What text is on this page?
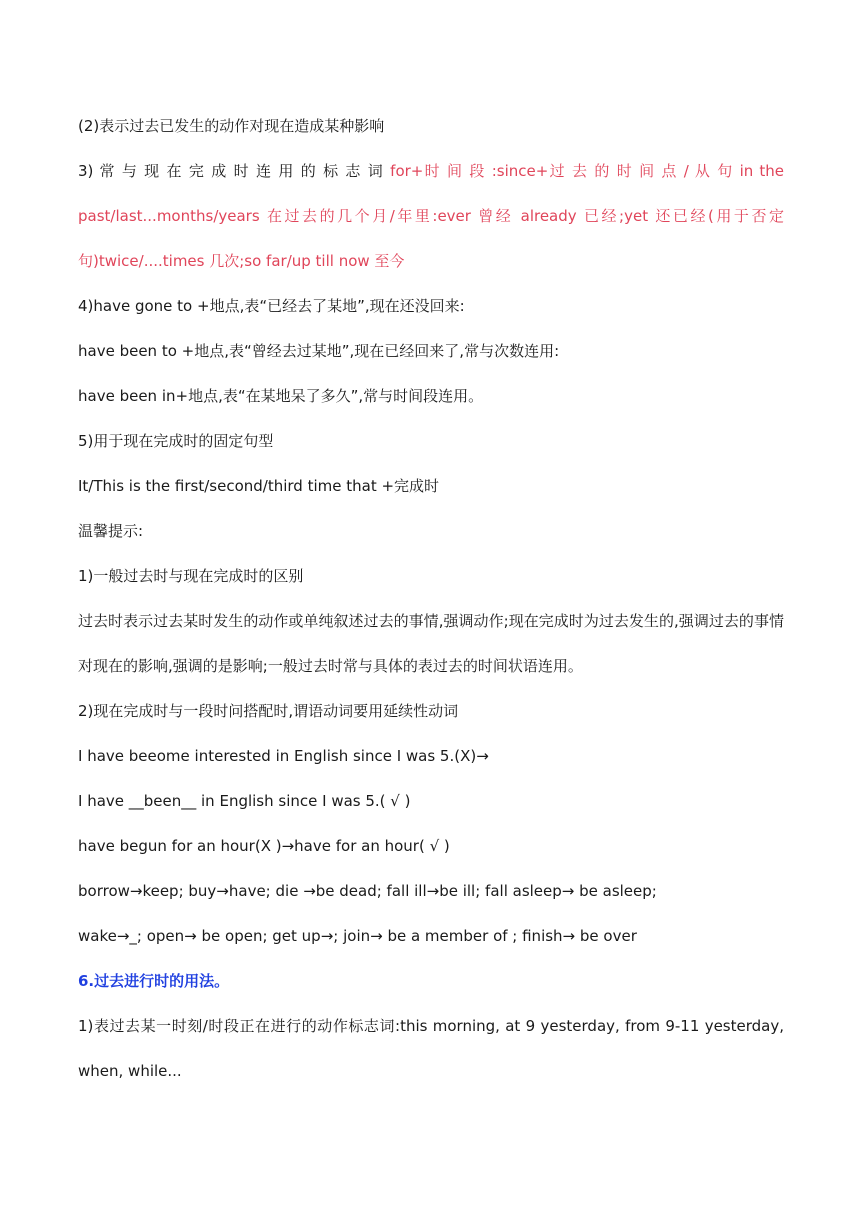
(2)表示过去已发生的动作对现在造成某种影响
3) 常 与 现 在 完 成 时 连 用 的 标 志 词 for+时 间 段 :since+过 去 的 时 间 点 / 从 句 in the past/last...months/years 在过去的几个月/年里:ever 曾经 already 已经;yet 还已经(用于否定句)twice/....times 几次;so far/up till now 至今
4)have gone to +地点,表“已经去了某地”,现在还没回来:
have been to +地点,表“曾经去过某地”,现在已经回来了,常与次数连用:
have been in+地点,表“在某地呆了多久”,常与时间段连用。
5)用于现在完成时的固定句型
It/This is the first/second/third time that +完成时
温馨提示:
1)一般过去时与现在完成时的区别
过去时表示过去某时发生的动作或单纯叙述过去的事情,强调动作;现在完成时为过去发生的,强调过去的事情对现在的影响,强调的是影响;一般过去时常与具体的表过去的时间状语连用。
2)现在完成时与一段时问搭配时,谓语动词要用延续性动词
I have beeome interested in English since I was 5.(X)→
I have __been__ in English since I was 5.( √ )
have begun for an hour(X )→have for an hour( √ )
borrow→keep; buy→have; die →be dead; fall ill→be ill; fall asleep→ be asleep;
wake→_; open→ be open; get up→; join→ be a member of ; finish→ be over
6.过去进行时的用法。
1)表过去某一时刻/时段正在进行的动作标志词:this morning, at 9 yesterday, from 9-11 yesterday, when, while...
